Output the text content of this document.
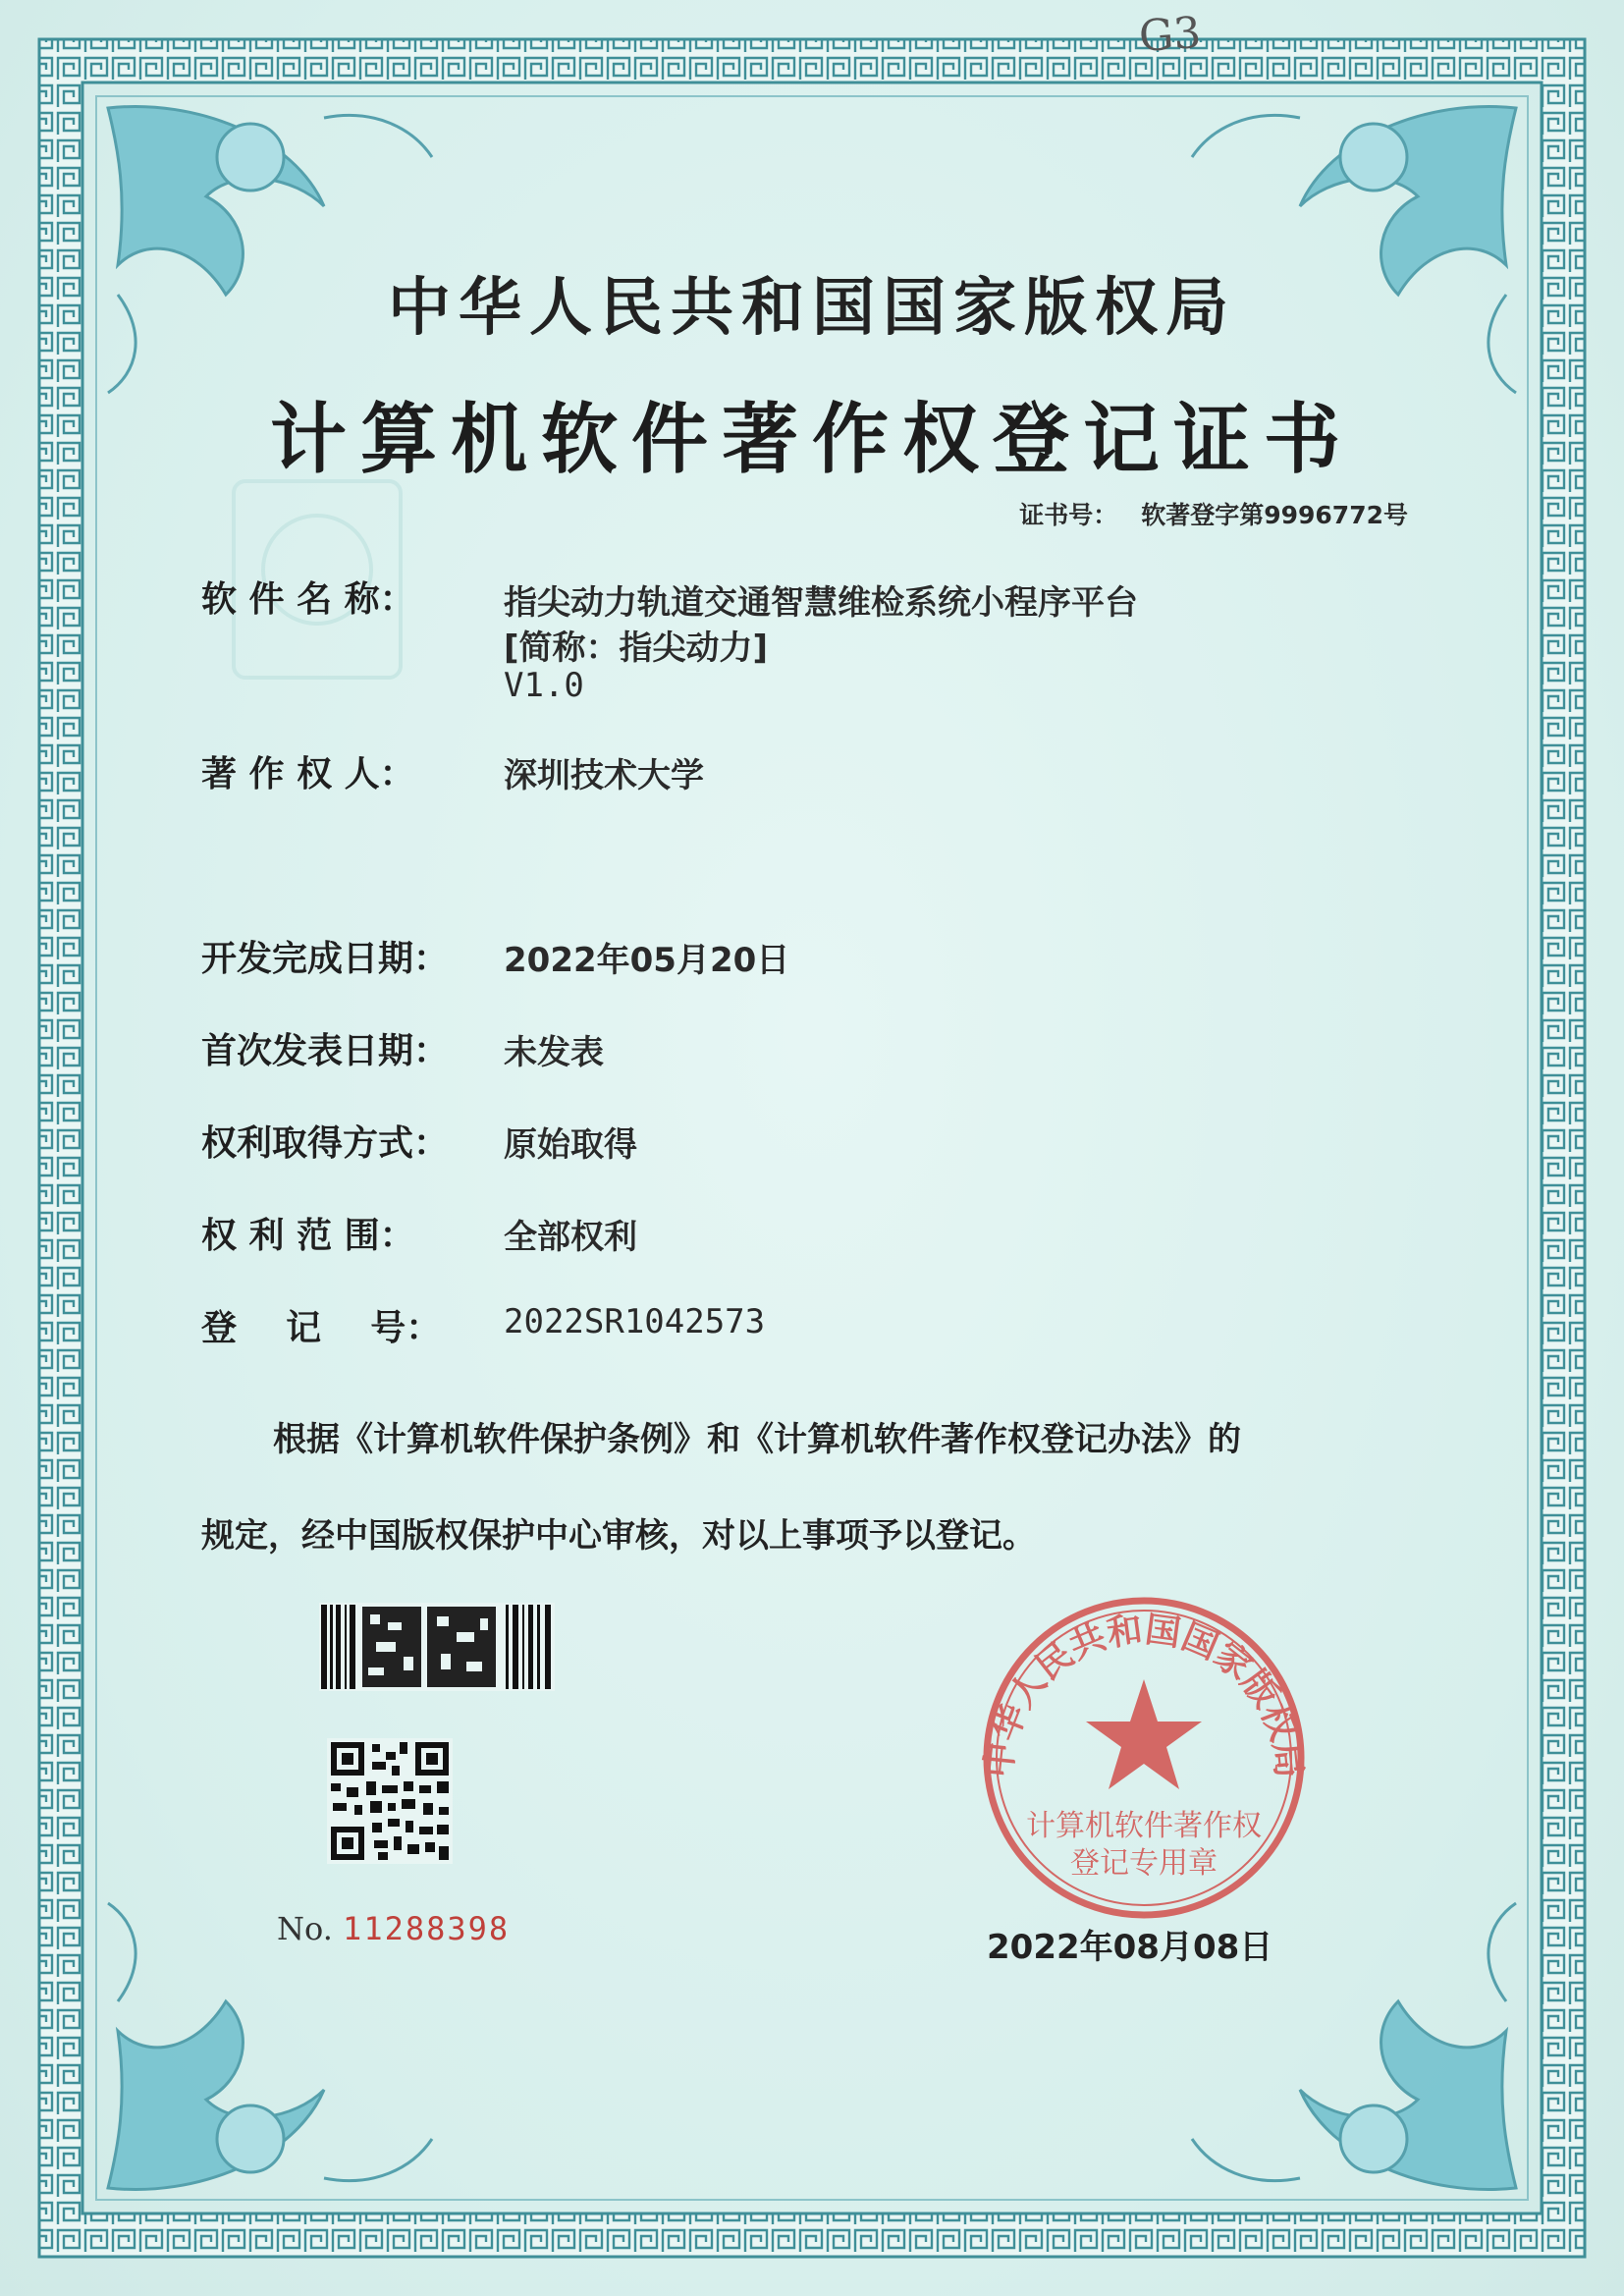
G3
中华人民共和国国家版权局
计算机软件著作权登记证书
证书号： 软著登字第9996772号
软 件 名 称：	指尖动力轨道交通智慧维检系统小程序平台
[简称：指尖动力]
V1.0
著 作 权 人：	深圳技术大学
开发完成日期： 2022年05月20日
首次发表日期： 未发表
权利取得方式： 原始取得
权 利 范 围：	全部权利
登    记    号： 2022SR1042573
根据《计算机软件保护条例》和《计算机软件著作权登记办法》的
规定，经中国版权保护中心审核，对以上事项予以登记。
No. 11288398
中华人民共和国国家版权局
计算机软件著作权
登记专用章
2022年08月08日
